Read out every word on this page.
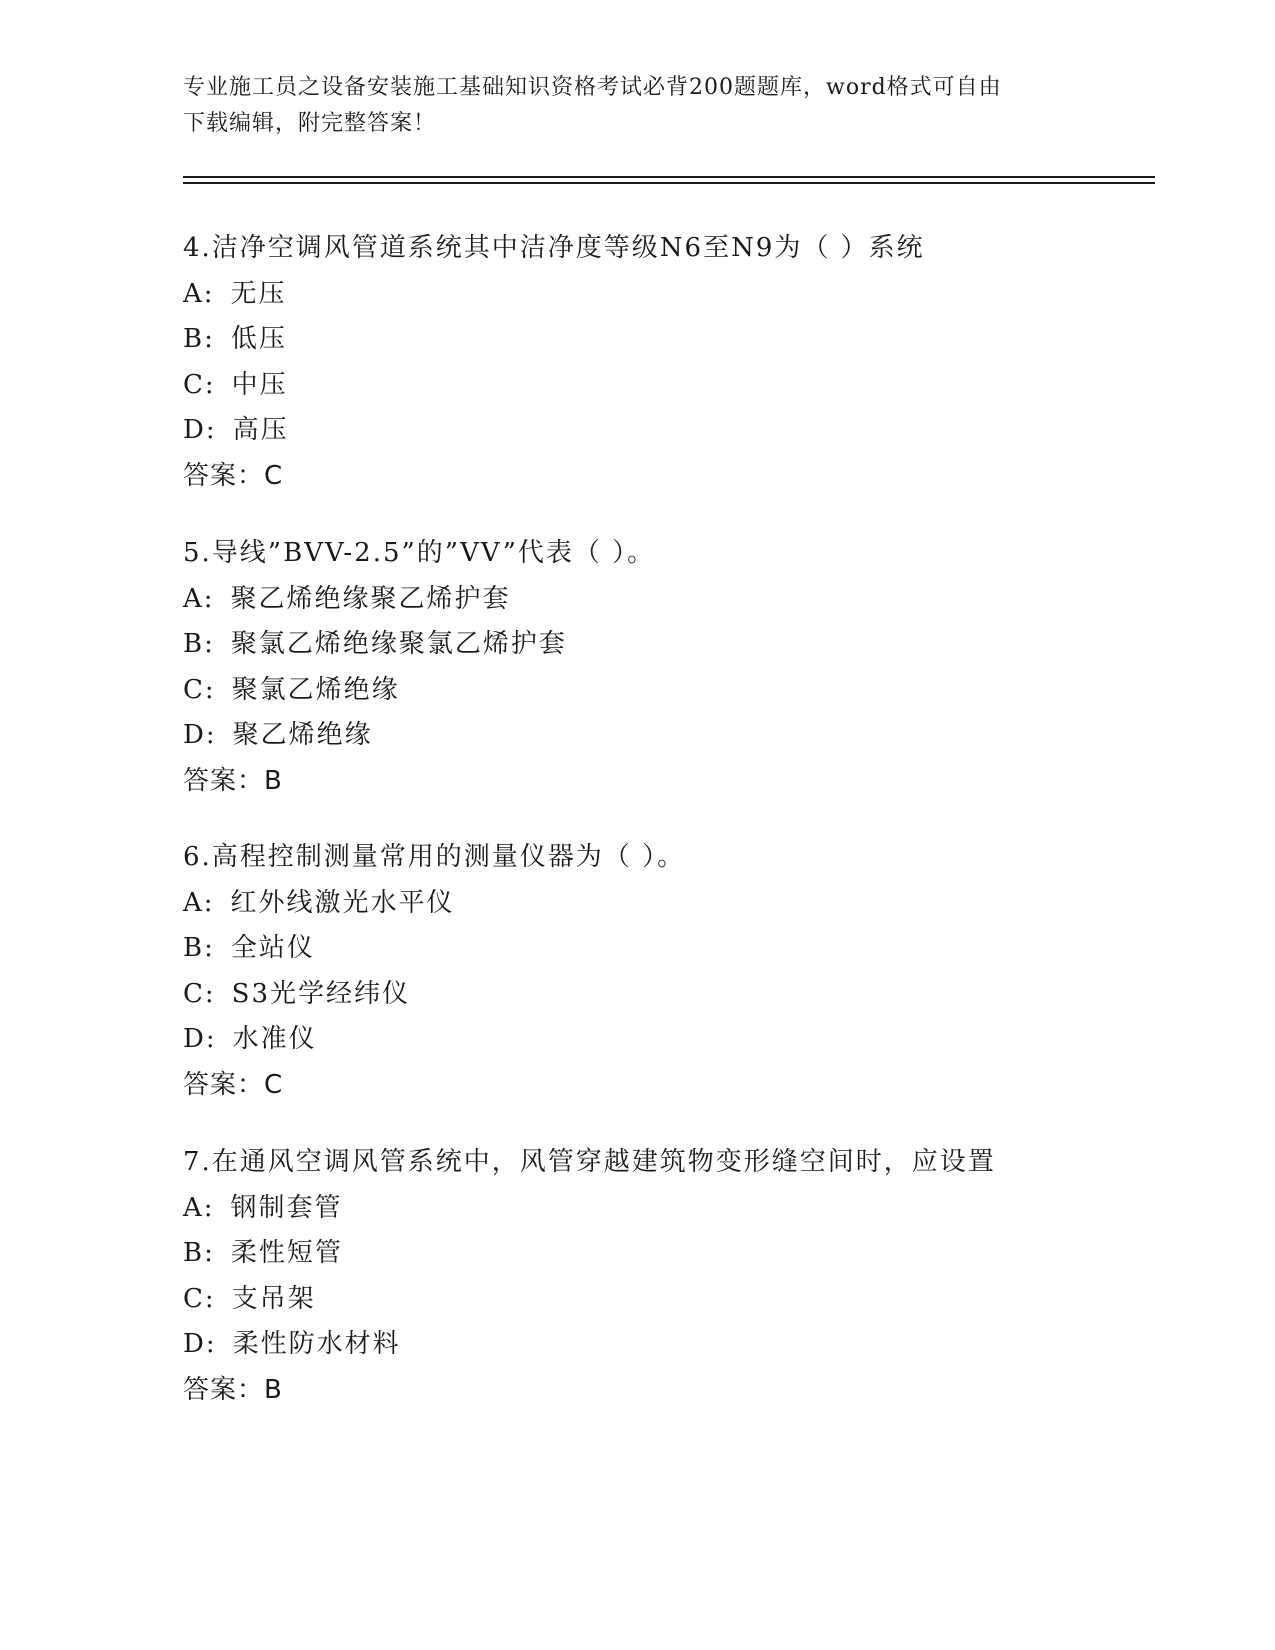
专业施工员之设备安装施工基础知识资格考试必背200题题库，word格式可自由
下载编辑，附完整答案！
4.洁净空调风管道系统其中洁净度等级N6至N9为（ ）系统
A: 无压
B: 低压
C: 中压
D: 高压
答案：C
5.导线”BVV-2.5”的”VV”代表（ ）。
A: 聚乙烯绝缘聚乙烯护套
B: 聚氯乙烯绝缘聚氯乙烯护套
C: 聚氯乙烯绝缘
D: 聚乙烯绝缘
答案：B
6.高程控制测量常用的测量仪器为（ ）。
A: 红外线激光水平仪
B: 全站仪
C: S3光学经纬仪
D: 水准仪
答案：C
7.在通风空调风管系统中，风管穿越建筑物变形缝空间时，应设置
A: 钢制套管
B: 柔性短管
C: 支吊架
D: 柔性防水材料
答案：B
